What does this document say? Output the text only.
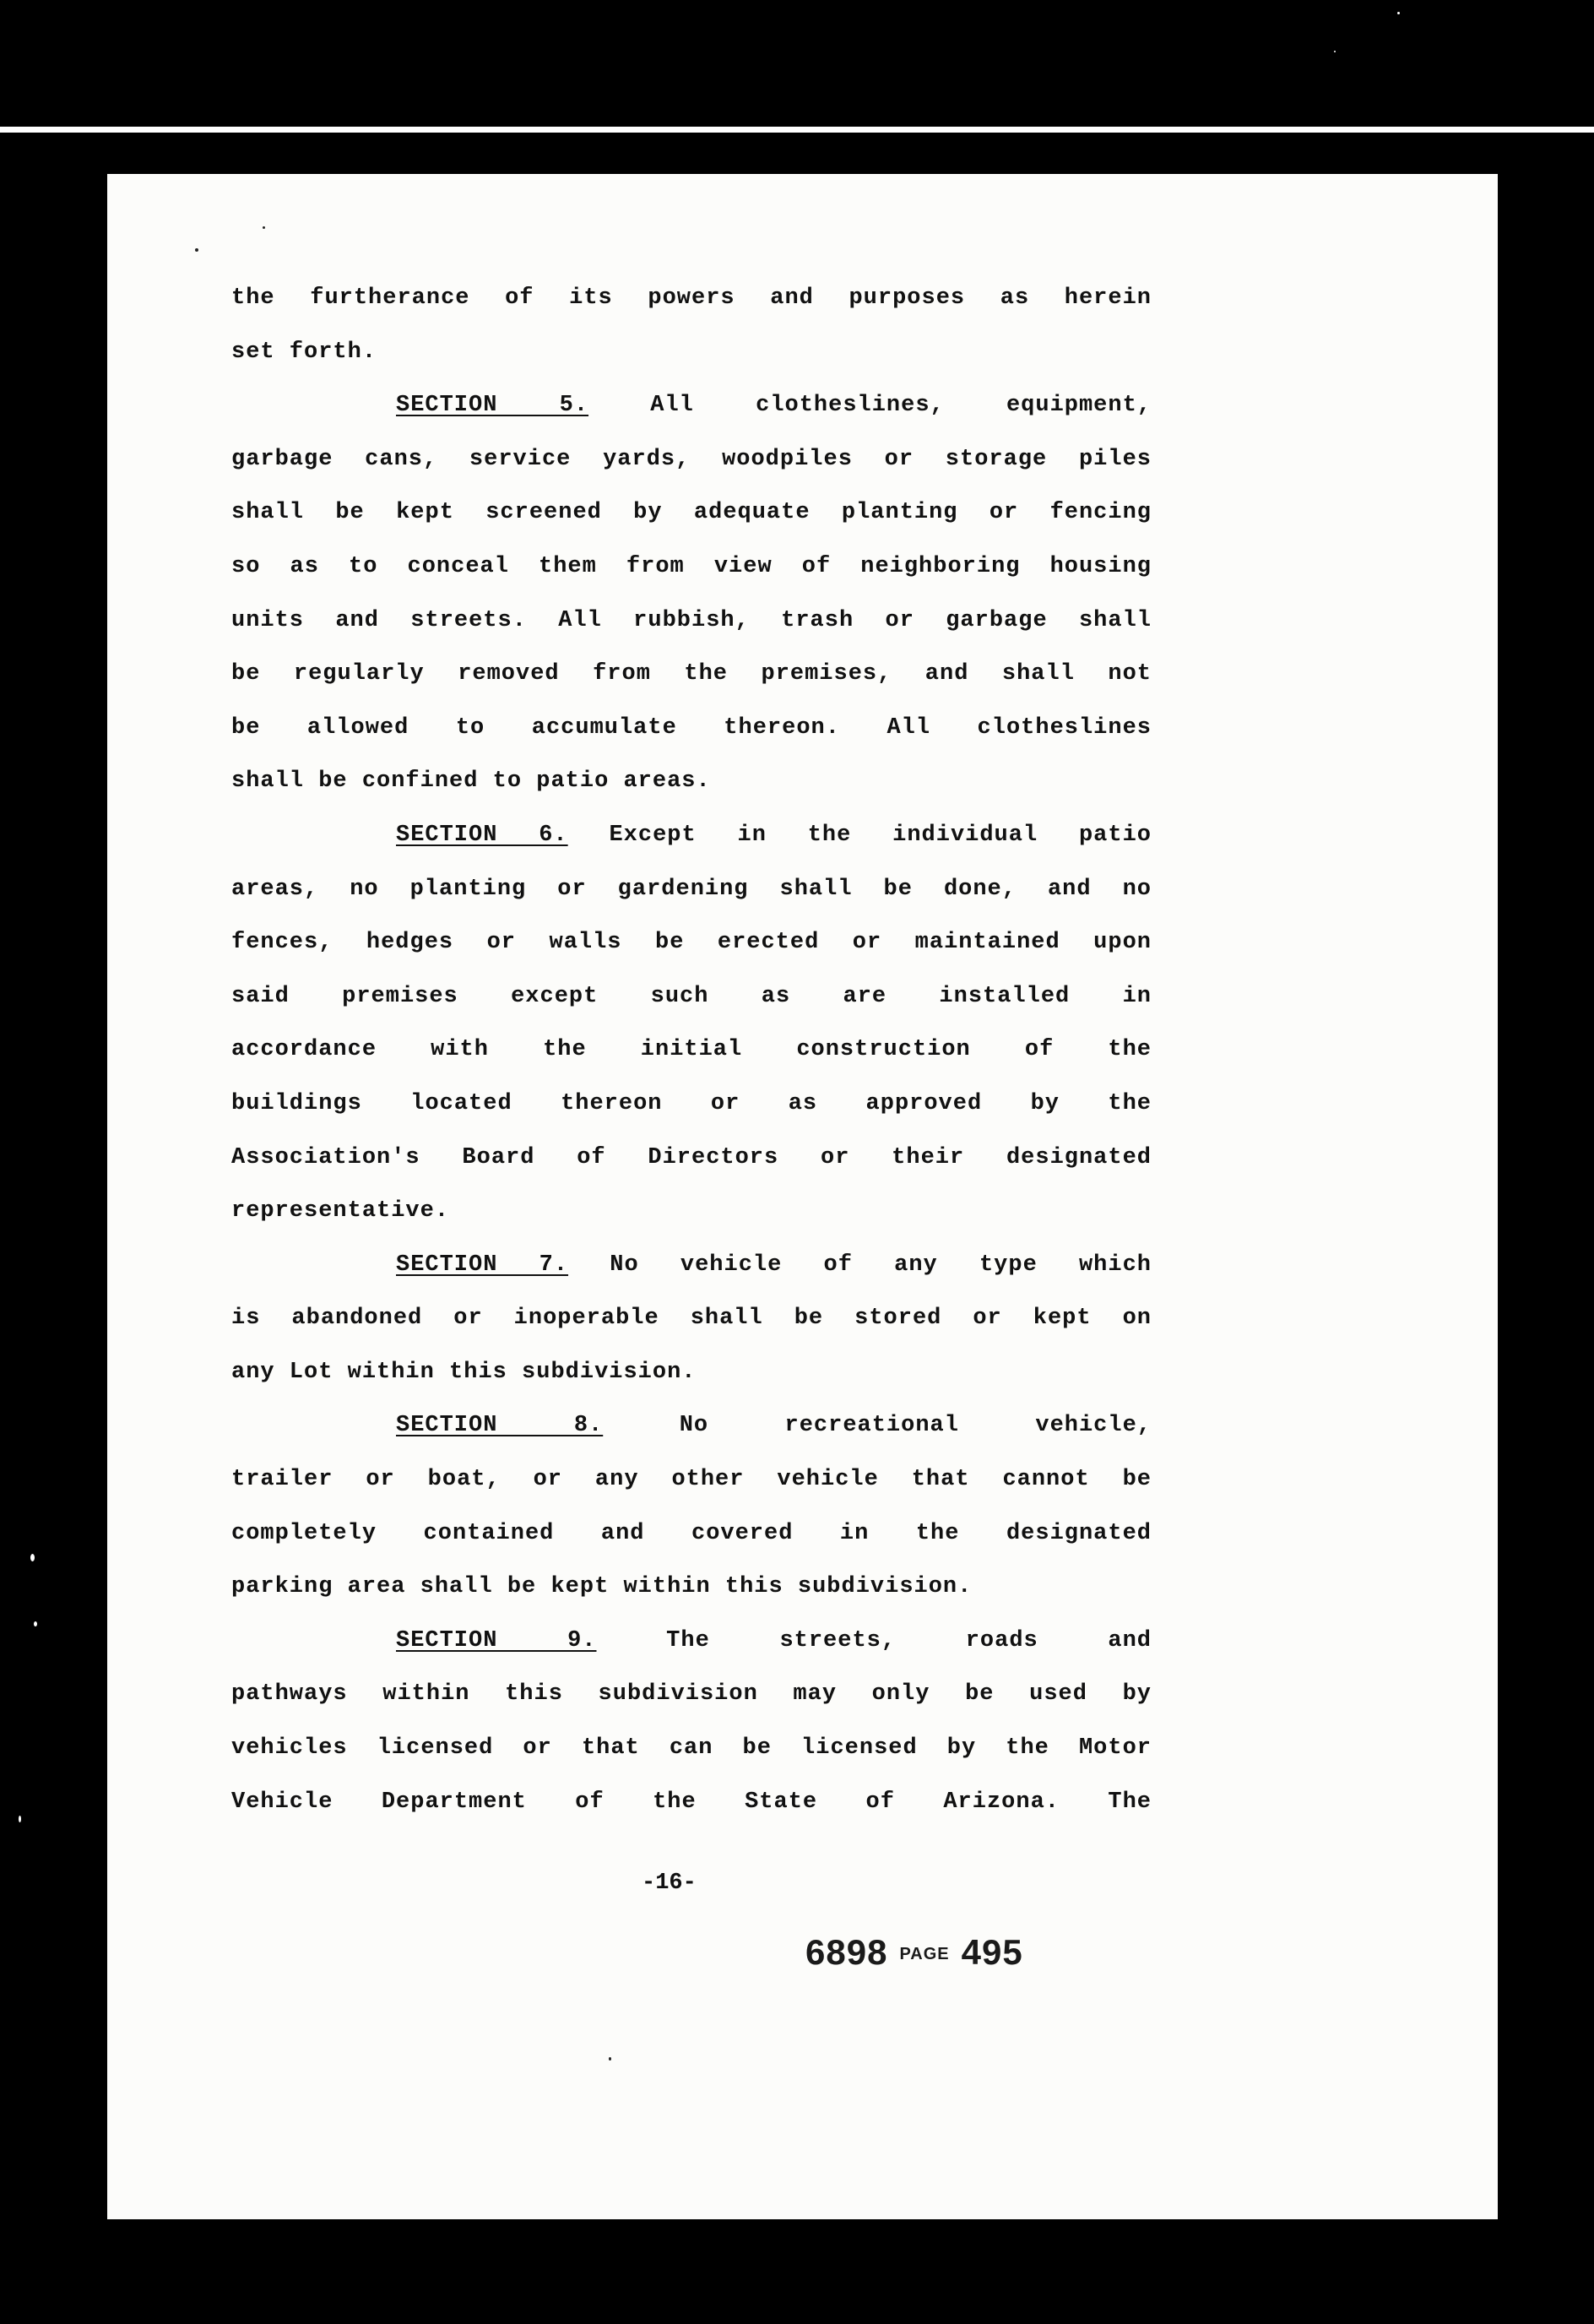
the furtherance of its powers and purposes as herein
set forth.
SECTION 5.	All clotheslines, equipment,
garbage cans, service yards, woodpiles or storage piles
shall be kept screened by adequate planting or fencing
so as to conceal them from view of neighboring housing
units and streets. All rubbish, trash or garbage shall
be regularly removed from the premises, and shall not
be allowed to accumulate thereon. All clotheslines
shall be confined to patio areas.
SECTION 6. Except in the individual patio
areas, no planting or gardening shall be done, and no
fences, hedges or walls be erected or maintained upon
said premises except such as are installed in
accordance with the initial construction of the
buildings located thereon or as approved by the
Association's Board of Directors or their designated
representative.
SECTION 7. No vehicle of any type which
is abandoned or inoperable shall be stored or kept on
any Lot within this subdivision.
SECTION 8.	No recreational vehicle,
trailer or boat, or any other vehicle that cannot be
completely contained and covered in the designated
parking area shall be kept within this subdivision.
SECTION 9.	The streets, roads and
pathways within this subdivision may only be used by
vehicles licensed or that can be licensed by the Motor
Vehicle Department of the State of Arizona. The
-16-
6898 PAGE 495
